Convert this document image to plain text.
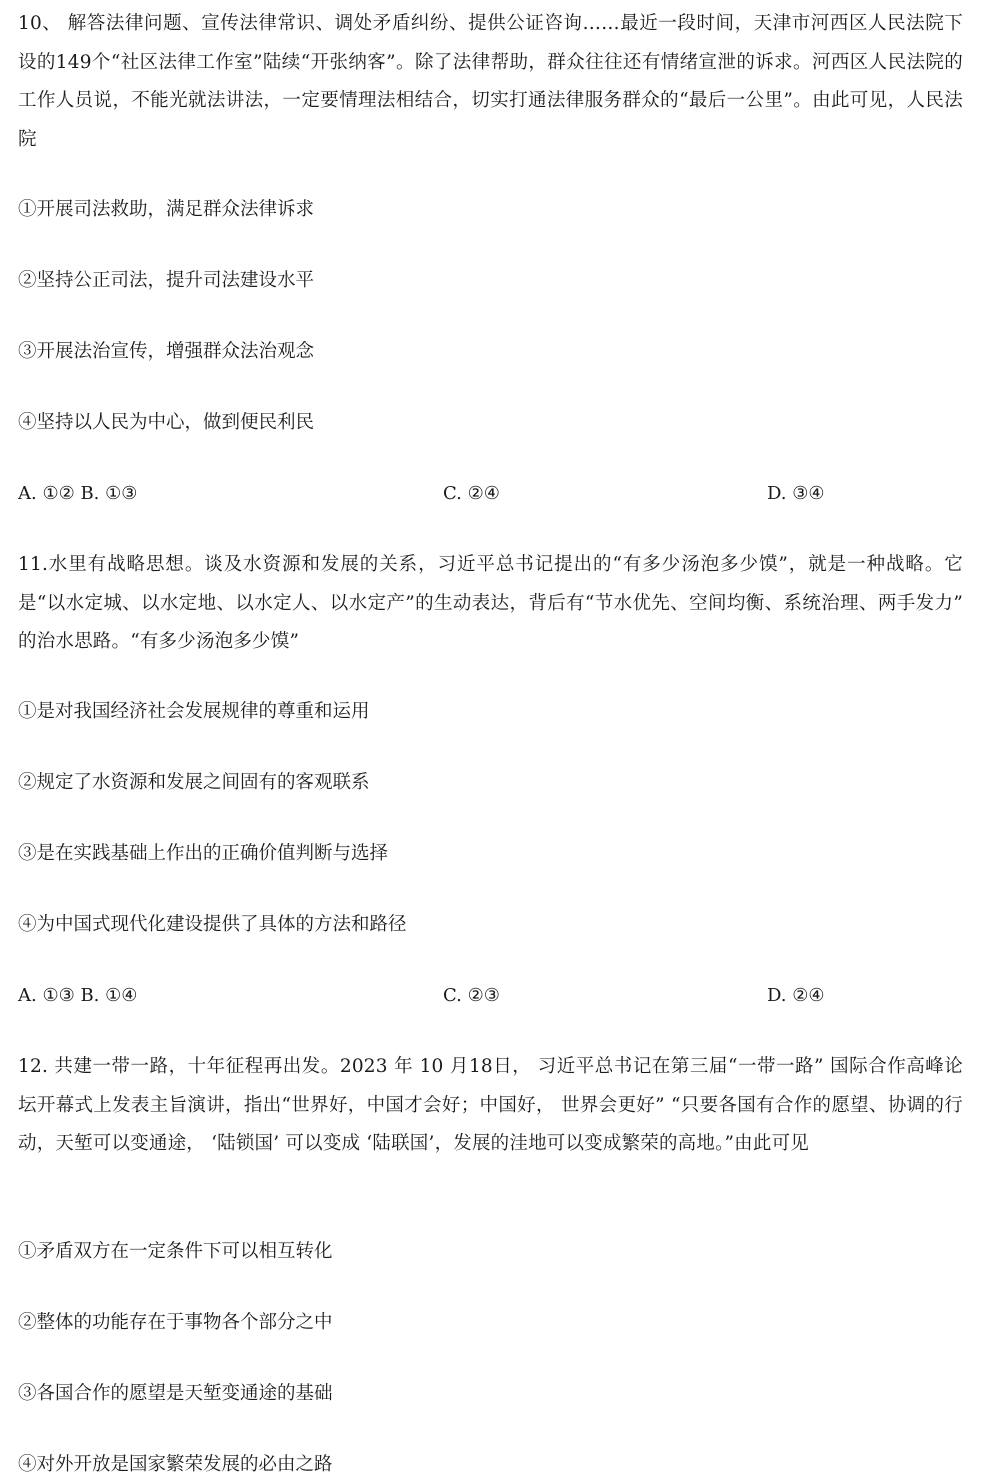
10、 解答法律问题、宣传法律常识、调处矛盾纠纷、提供公证咨询……最近一段时间，天津市河西区人民法院下设的149个“社区法律工作室”陆续“开张纳客”。除了法律帮助，群众往往还有情绪宣泄的诉求。河西区人民法院的工作人员说，不能光就法讲法，一定要情理法相结合，切实打通法律服务群众的“最后一公里”。由此可见，人民法院
①开展司法救助，满足群众法律诉求
②坚持公正司法，提升司法建设水平
③开展法治宣传，增强群众法治观念
④坚持以人民为中心，做到便民利民
A. ①② B. ①③	C. ②④	D. ③④
11.水里有战略思想。谈及水资源和发展的关系，习近平总书记提出的“有多少汤泡多少馍”，就是一种战略。它是“以水定城、以水定地、以水定人、以水定产”的生动表达，背后有“节水优先、空间均衡、系统治理、两手发力” 的治水思路。“有多少汤泡多少馍”
①是对我国经济社会发展规律的尊重和运用
②规定了水资源和发展之间固有的客观联系
③是在实践基础上作出的正确价值判断与选择
④为中国式现代化建设提供了具体的方法和路径
A. ①③ B. ①④	C. ②③	D. ②④
12. 共建一带一路，十年征程再出发。2023 年 10 月18日， 习近平总书记在第三届“一带一路” 国际合作高峰论坛开幕式上发表主旨演讲，指出“世界好，中国才会好；中国好， 世界会更好” “只要各国有合作的愿望、协调的行动，天堑可以变通途， ‘陆锁国’ 可以变成 ‘陆联国’，发展的洼地可以变成繁荣的高地。”由此可见
①矛盾双方在一定条件下可以相互转化
②整体的功能存在于事物各个部分之中
③各国合作的愿望是天堑变通途的基础
④对外开放是国家繁荣发展的必由之路
